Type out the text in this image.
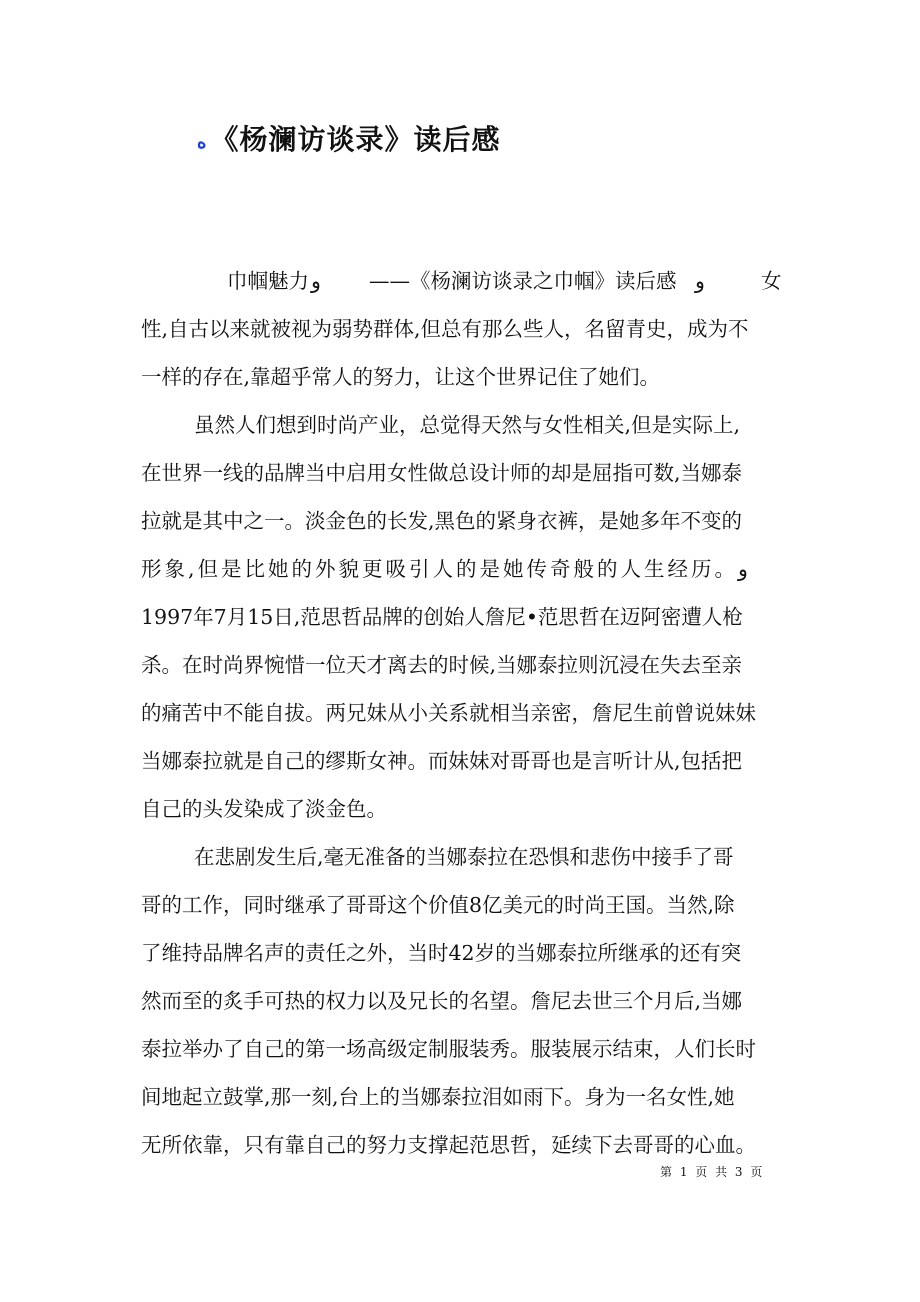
ه 《杨澜访谈录》读后感
巾帼魅力 و ——《杨澜访谈录之巾帼》读后感 و	女
性,自古以来就被视为弱势群体,但总有那么些人，名留青史，成为不
一样的存在,靠超乎常人的努力，让这个世界记住了她们。
虽然人们想到时尚产业，总觉得天然与女性相关,但是实际上,
在世界一线的品牌当中启用女性做总设计师的却是屈指可数,当娜泰
拉就是其中之一。淡金色的长发,黑色的紧身衣裤，是她多年不变的
形象,但是比她的外貌更吸引人的是她传奇般的人生经历。و
1997年7月15日,范思哲品牌的创始人詹尼•范思哲在迈阿密遭人枪
杀。在时尚界惋惜一位天才离去的时候,当娜泰拉则沉浸在失去至亲
的痛苦中不能自拔。两兄妹从小关系就相当亲密，詹尼生前曾说妹妹
当娜泰拉就是自己的缪斯女神。而妹妹对哥哥也是言听计从,包括把
自己的头发染成了淡金色。
在悲剧发生后,毫无准备的当娜泰拉在恐惧和悲伤中接手了哥
哥的工作，同时继承了哥哥这个价值8亿美元的时尚王国。当然,除
了维持品牌名声的责任之外，当时42岁的当娜泰拉所继承的还有突
然而至的炙手可热的权力以及兄长的名望。詹尼去世三个月后,当娜
泰拉举办了自己的第一场高级定制服装秀。服装展示结束，人们长时
间地起立鼓掌,那一刻,台上的当娜泰拉泪如雨下。身为一名女性,她
无所依靠，只有靠自己的努力支撑起范思哲，延续下去哥哥的心血。
第 1 页 共 3 页
